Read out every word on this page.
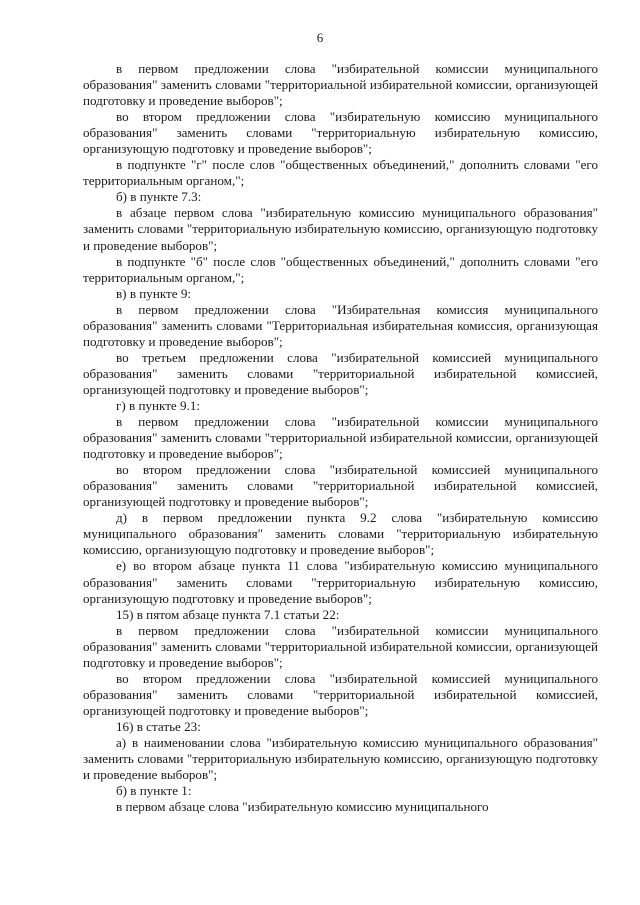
6

в первом предложении слова "избирательной комиссии муниципального образования" заменить словами "территориальной избирательной комиссии, организующей подготовку и проведение выборов";

во втором предложении слова "избирательную комиссию муниципального образования" заменить словами "территориальную избирательную комиссию, организующую подготовку и проведение выборов";

в подпункте "г" после слов "общественных объединений," дополнить словами "его территориальным органом,";

б) в пункте 7.3:

в абзаце первом слова "избирательную комиссию муниципального образования" заменить словами "территориальную избирательную комиссию, организующую подготовку и проведение выборов";

в подпункте "б" после слов "общественных объединений," дополнить словами "его территориальным органом,";

в) в пункте 9:

в первом предложении слова "Избирательная комиссия муниципального образования" заменить словами "Территориальная избирательная комиссия, организующая подготовку и проведение выборов";

во третьем предложении слова "избирательной комиссией муниципального образования" заменить словами "территориальной избирательной комиссией, организующей подготовку и проведение выборов";

г) в пункте 9.1:

в первом предложении слова "избирательной комиссии муниципального образования" заменить словами "территориальной избирательной комиссии, организующей подготовку и проведение выборов";

во втором предложении слова "избирательной комиссией муниципального образования" заменить словами "территориальной избирательной комиссией, организующей подготовку и проведение выборов";

д) в первом предложении пункта 9.2 слова "избирательную комиссию муниципального образования" заменить словами "территориальную избирательную комиссию, организующую подготовку и проведение выборов";

е) во втором абзаце пункта 11 слова "избирательную комиссию муниципального образования" заменить словами "территориальную избирательную комиссию, организующую подготовку и проведение выборов";

15) в пятом абзаце пункта 7.1 статьи 22:

в первом предложении слова "избирательной комиссии муниципального образования" заменить словами "территориальной избирательной комиссии, организующей подготовку и проведение выборов";

во втором предложении слова "избирательной комиссией муниципального образования" заменить словами "территориальной избирательной комиссией, организующей подготовку и проведение выборов";

16) в статье 23:

а) в наименовании слова "избирательную комиссию муниципального образования" заменить словами "территориальную избирательную комиссию, организующую подготовку и проведение выборов";

б) в пункте 1:

в первом абзаце слова "избирательную комиссию муниципального
